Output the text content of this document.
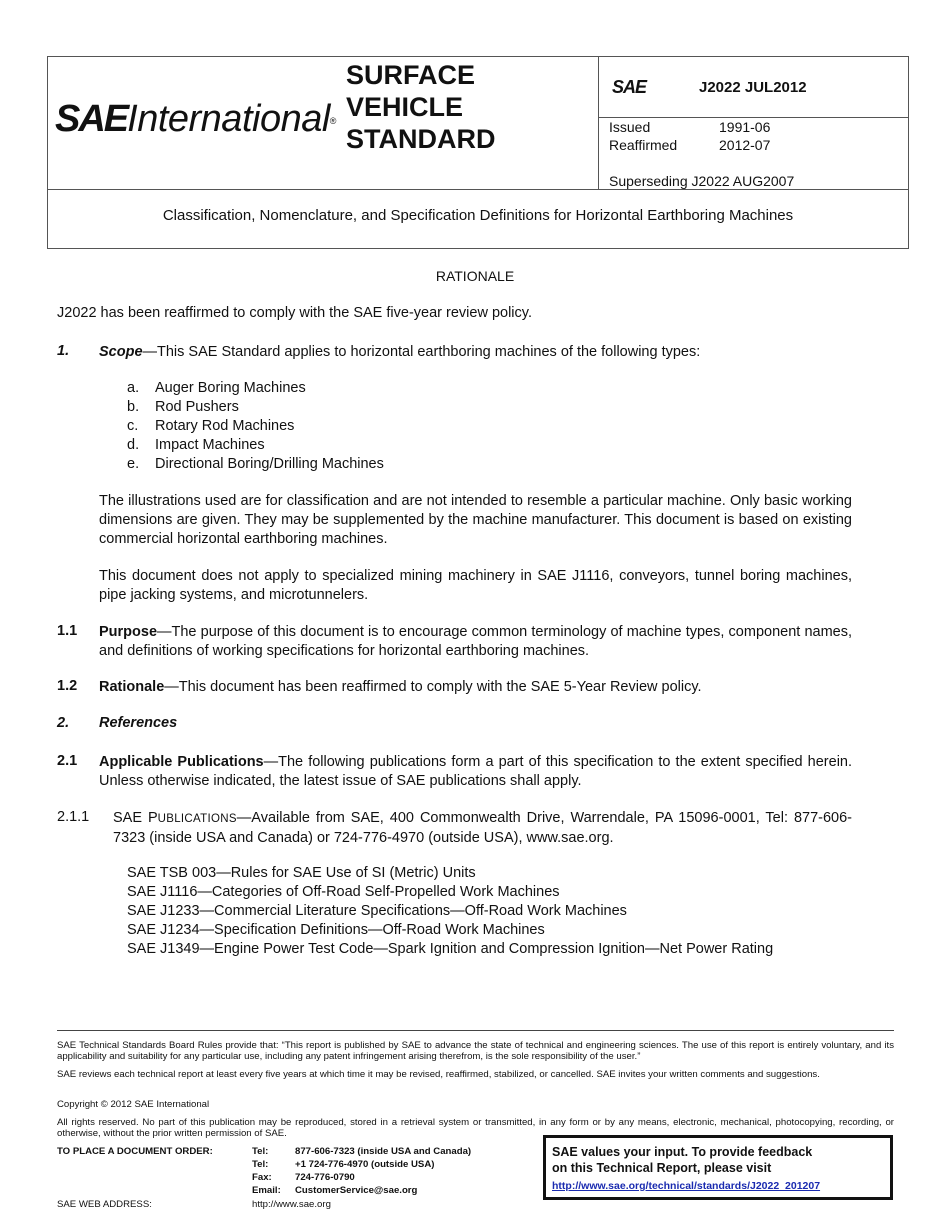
SAEInternational®
SURFACE
VEHICLE
STANDARD
SAE	J2022 JUL2012
Issued	1991-06
Reaffirmed	2012-07
Superseding J2022 AUG2007
Classification, Nomenclature, and Specification Definitions for Horizontal Earthboring Machines
RATIONALE
J2022 has been reaffirmed to comply with the SAE five-year review policy.
1. Scope—This SAE Standard applies to horizontal earthboring machines of the following types:
a. Auger Boring Machines
b. Rod Pushers
c. Rotary Rod Machines
d. Impact Machines
e. Directional Boring/Drilling Machines
The illustrations used are for classification and are not intended to resemble a particular machine. Only basic working dimensions are given. They may be supplemented by the machine manufacturer. This document is based on existing commercial horizontal earthboring machines.
This document does not apply to specialized mining machinery in SAE J1116, conveyors, tunnel boring machines, pipe jacking systems, and microtunnelers.
1.1 Purpose—The purpose of this document is to encourage common terminology of machine types, component names, and definitions of working specifications for horizontal earthboring machines.
1.2 Rationale—This document has been reaffirmed to comply with the SAE 5-Year Review policy.
2. References
2.1 Applicable Publications—The following publications form a part of this specification to the extent specified herein. Unless otherwise indicated, the latest issue of SAE publications shall apply.
2.1.1 SAE PUBLICATIONS—Available from SAE, 400 Commonwealth Drive, Warrendale, PA 15096-0001, Tel: 877-606-7323 (inside USA and Canada) or 724-776-4970 (outside USA), www.sae.org.
SAE TSB 003—Rules for SAE Use of SI (Metric) Units
SAE J1116—Categories of Off-Road Self-Propelled Work Machines
SAE J1233—Commercial Literature Specifications—Off-Road Work Machines
SAE J1234—Specification Definitions—Off-Road Work Machines
SAE J1349—Engine Power Test Code—Spark Ignition and Compression Ignition—Net Power Rating
SAE Technical Standards Board Rules provide that: “This report is published by SAE to advance the state of technical and engineering sciences. The use of this report is entirely voluntary, and its applicability and suitability for any particular use, including any patent infringement arising therefrom, is the sole responsibility of the user.”
SAE reviews each technical report at least every five years at which time it may be revised, reaffirmed, stabilized, or cancelled. SAE invites your written comments and suggestions.
Copyright © 2012 SAE International
All rights reserved. No part of this publication may be reproduced, stored in a retrieval system or transmitted, in any form or by any means, electronic, mechanical, photocopying, recording, or otherwise, without the prior written permission of SAE.
TO PLACE A DOCUMENT ORDER:	Tel:	877-606-7323 (inside USA and Canada)
Tel:	+1 724-776-4970 (outside USA)
Fax: 724-776-0790
Email: CustomerService@sae.org
SAE WEB ADDRESS:	http://www.sae.org
SAE values your input. To provide feedback
on this Technical Report, please visit
http://www.sae.org/technical/standards/J2022_201207
